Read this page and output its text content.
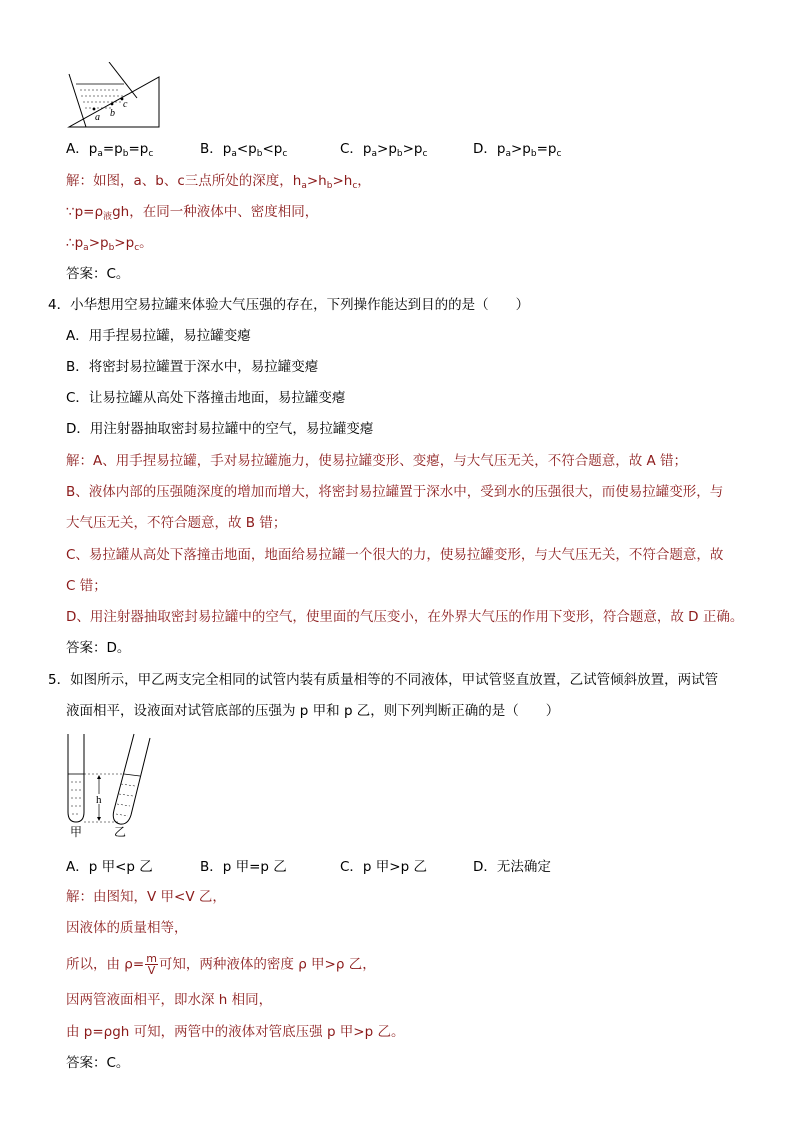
a b
c
A．$p_a=p_b=p_c$	B．$p_a<p_b<p_c$	C．$p_a>p_b>p_c$	D．$p_a>p_b=p_c$
解：如图，a、b、c三点所处的深度，$h_a>h_b>h_c$，
$\because p=\rho_液gh$，在同一种液体中、密度相同，
$\therefore p_a>p_b>p_c$。
答案：C。
4．小华想用空易拉罐来体验大气压强的存在，下列操作能达到目的的是（　　）
A．用手捏易拉罐，易拉罐变瘪
B．将密封易拉罐置于深水中，易拉罐变瘪
C．让易拉罐从高处下落撞击地面，易拉罐变瘪
D．用注射器抽取密封易拉罐中的空气，易拉罐变瘪
解：A、用手捏易拉罐，手对易拉罐施力，使易拉罐变形、变瘪，与大气压无关，不符合题意，故 A 错；
B、液体内部的压强随深度的增加而增大，将密封易拉罐置于深水中，受到水的压强很大，而使易拉罐变形，与
大气压无关，不符合题意，故 B 错；
C、易拉罐从高处下落撞击地面，地面给易拉罐一个很大的力，使易拉罐变形，与大气压无关，不符合题意，故
C 错；
D、用注射器抽取密封易拉罐中的空气，使里面的气压变小，在外界大气压的作用下变形，符合题意，故 D 正确。
答案：D。
5．如图所示，甲乙两支完全相同的试管内装有质量相等的不同液体，甲试管竖直放置，乙试管倾斜放置，两试管
液面相平，设液面对试管底部的压强为 p 甲和 p 乙，则下列判断正确的是（　　）
h
甲	乙
A．p 甲<p 乙	B．p 甲=p 乙	C．p 甲>p 乙	D．无法确定
解：由图知，V 甲<V 乙，
因液体的质量相等，
所以，由 $\rho= \frac{m}{V}$ 可知，两种液体的密度 ρ 甲>ρ 乙，
因两管液面相平，即水深 h 相同，
由 p=ρgh 可知，两管中的液体对管底压强 p 甲>p 乙。
答案：C。
